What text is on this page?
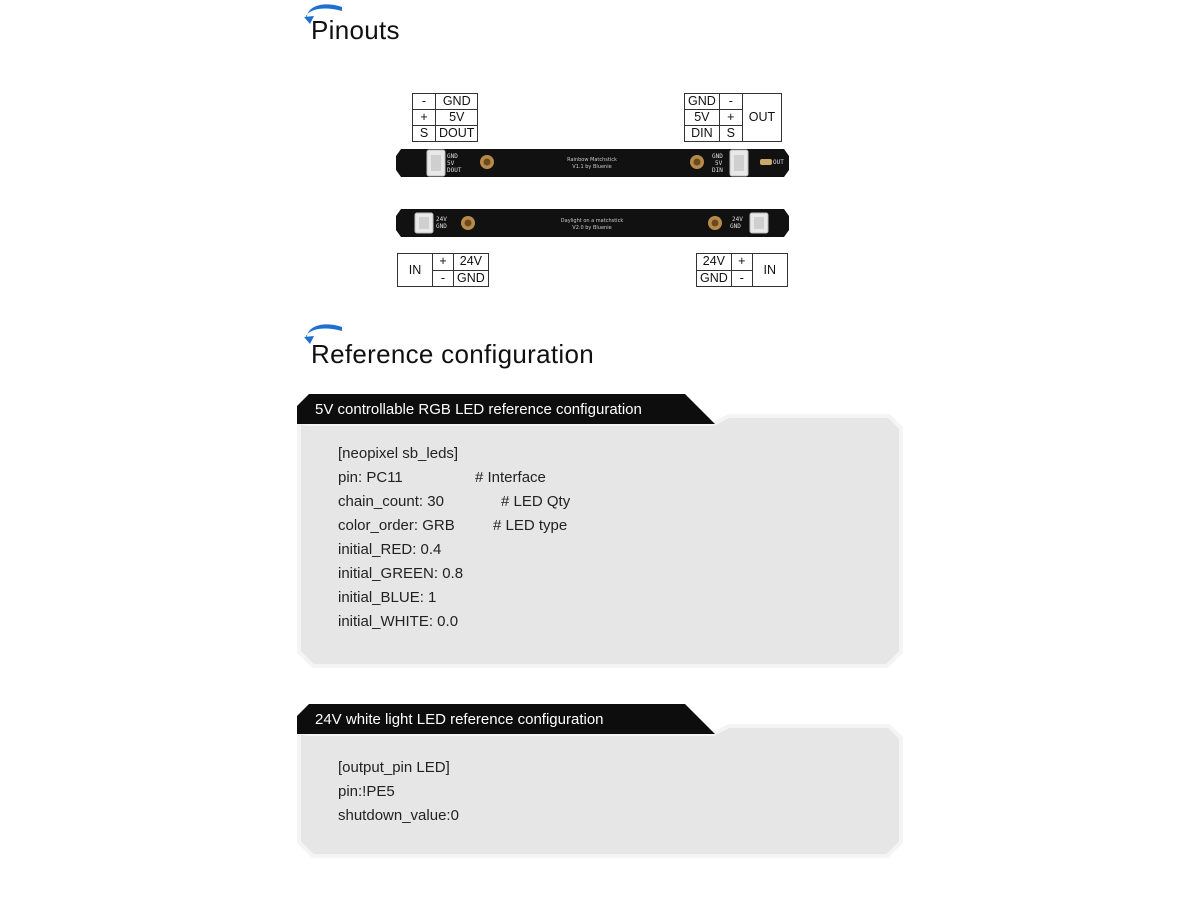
Pinouts
-	GND
+	5V
S	DOUT
GND	-	OUT
5V	+	
DIN	S	
GND
5V
DOUT
Rainbow Matchstick
V1.1 by Bluenie
GND
5V
DIN
OUT
24V
GND
Daylight on a matchstick
V2.0 by Bluenie
24V
GND
IN	+	24V
	-	GND
24V	+	IN
GND	-	
Reference configuration
5V controllable RGB LED reference configuration
[neopixel sb_leds]
pin: PC11	# Interface
chain_count: 30	# LED Qty
color_order: GRB	# LED type
initial_RED: 0.4
initial_GREEN: 0.8
initial_BLUE: 1
initial_WHITE: 0.0
24V white light LED reference configuration
[output_pin LED]
pin:!PE5
shutdown_value:0
